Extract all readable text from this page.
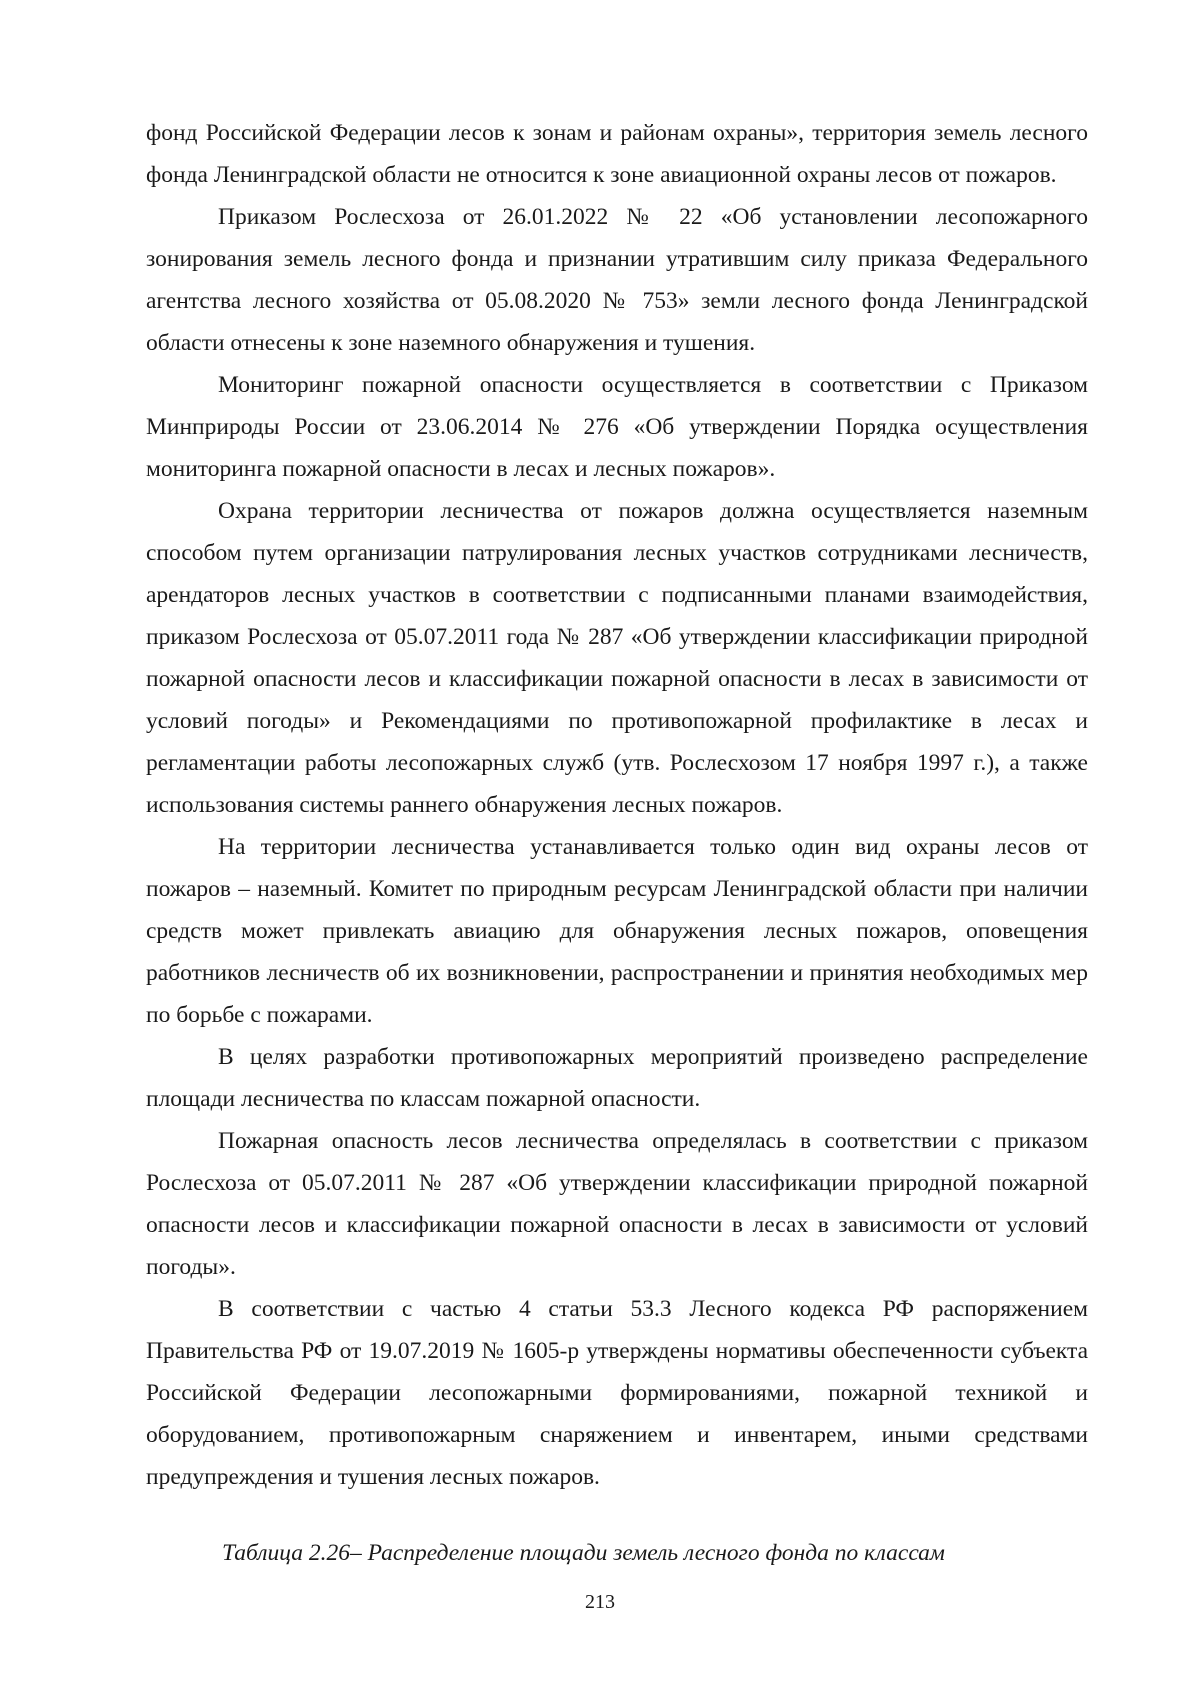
фонд Российской Федерации лесов к зонам и районам охраны», территория земель лесного фонда Ленинградской области не относится к зоне авиационной охраны лесов от пожаров.

Приказом Рослесхоза от 26.01.2022 № 22 «Об установлении лесопожарного зонирования земель лесного фонда и признании утратившим силу приказа Федерального агентства лесного хозяйства от 05.08.2020 № 753» земли лесного фонда Ленинградской области отнесены к зоне наземного обнаружения и тушения.

Мониторинг пожарной опасности осуществляется в соответствии с Приказом Минприроды России от 23.06.2014 № 276 «Об утверждении Порядка осуществления мониторинга пожарной опасности в лесах и лесных пожаров».

Охрана территории лесничества от пожаров должна осуществляется наземным способом путем организации патрулирования лесных участков сотрудниками лесничеств, арендаторов лесных участков в соответствии с подписанными планами взаимодействия, приказом Рослесхоза от 05.07.2011 года № 287 «Об утверждении классификации природной пожарной опасности лесов и классификации пожарной опасности в лесах в зависимости от условий погоды» и Рекомендациями по противопожарной профилактике в лесах и регламентации работы лесопожарных служб (утв. Рослесхозом 17 ноября 1997 г.), а также использования системы раннего обнаружения лесных пожаров.

На территории лесничества устанавливается только один вид охраны лесов от пожаров – наземный. Комитет по природным ресурсам Ленинградской области при наличии средств может привлекать авиацию для обнаружения лесных пожаров, оповещения работников лесничеств об их возникновении, распространении и принятия необходимых мер по борьбе с пожарами.

В целях разработки противопожарных мероприятий произведено распределение площади лесничества по классам пожарной опасности.

Пожарная опасность лесов лесничества определялась в соответствии с приказом Рослесхоза от 05.07.2011 № 287 «Об утверждении классификации природной пожарной опасности лесов и классификации пожарной опасности в лесах в зависимости от условий погоды».

В соответствии с частью 4 статьи 53.3 Лесного кодекса РФ распоряжением Правительства РФ от 19.07.2019 № 1605-р утверждены нормативы обеспеченности субъекта Российской Федерации лесопожарными формированиями, пожарной техникой и оборудованием, противопожарным снаряжением и инвентарем, иными средствами предупреждения и тушения лесных пожаров.

Таблица 2.26– Распределение площади земель лесного фонда по классам
213
